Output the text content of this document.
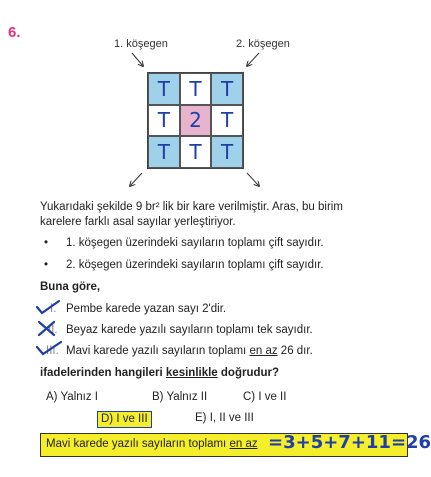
6.
1. köşegen	2. köşegen
T T T
T 2 T
T T T
Yukarıdaki şekilde 9 br² lik bir kare verilmiştir. Aras, bu birim
karelere farklı asal sayılar yerleştiriyor.
• 1. köşegen üzerindeki sayıların toplamı çift sayıdır.
• 2. köşegen üzerindeki sayıların toplamı çift sayıdır.
Buna göre,
I. Pembe karede yazan sayı 2'dir.
II. Beyaz karede yazılı sayıların toplamı tek sayıdır.
III. Mavi karede yazılı sayıların toplamı en az 26 dır.
ifadelerinden hangileri kesinlikle doğrudur?
A) Yalnız I	B) Yalnız II	C) I ve II
D) I ve III	E) I, II ve III
Mavi karede yazılı sayıların toplamı en az =3+5+7+11=26
